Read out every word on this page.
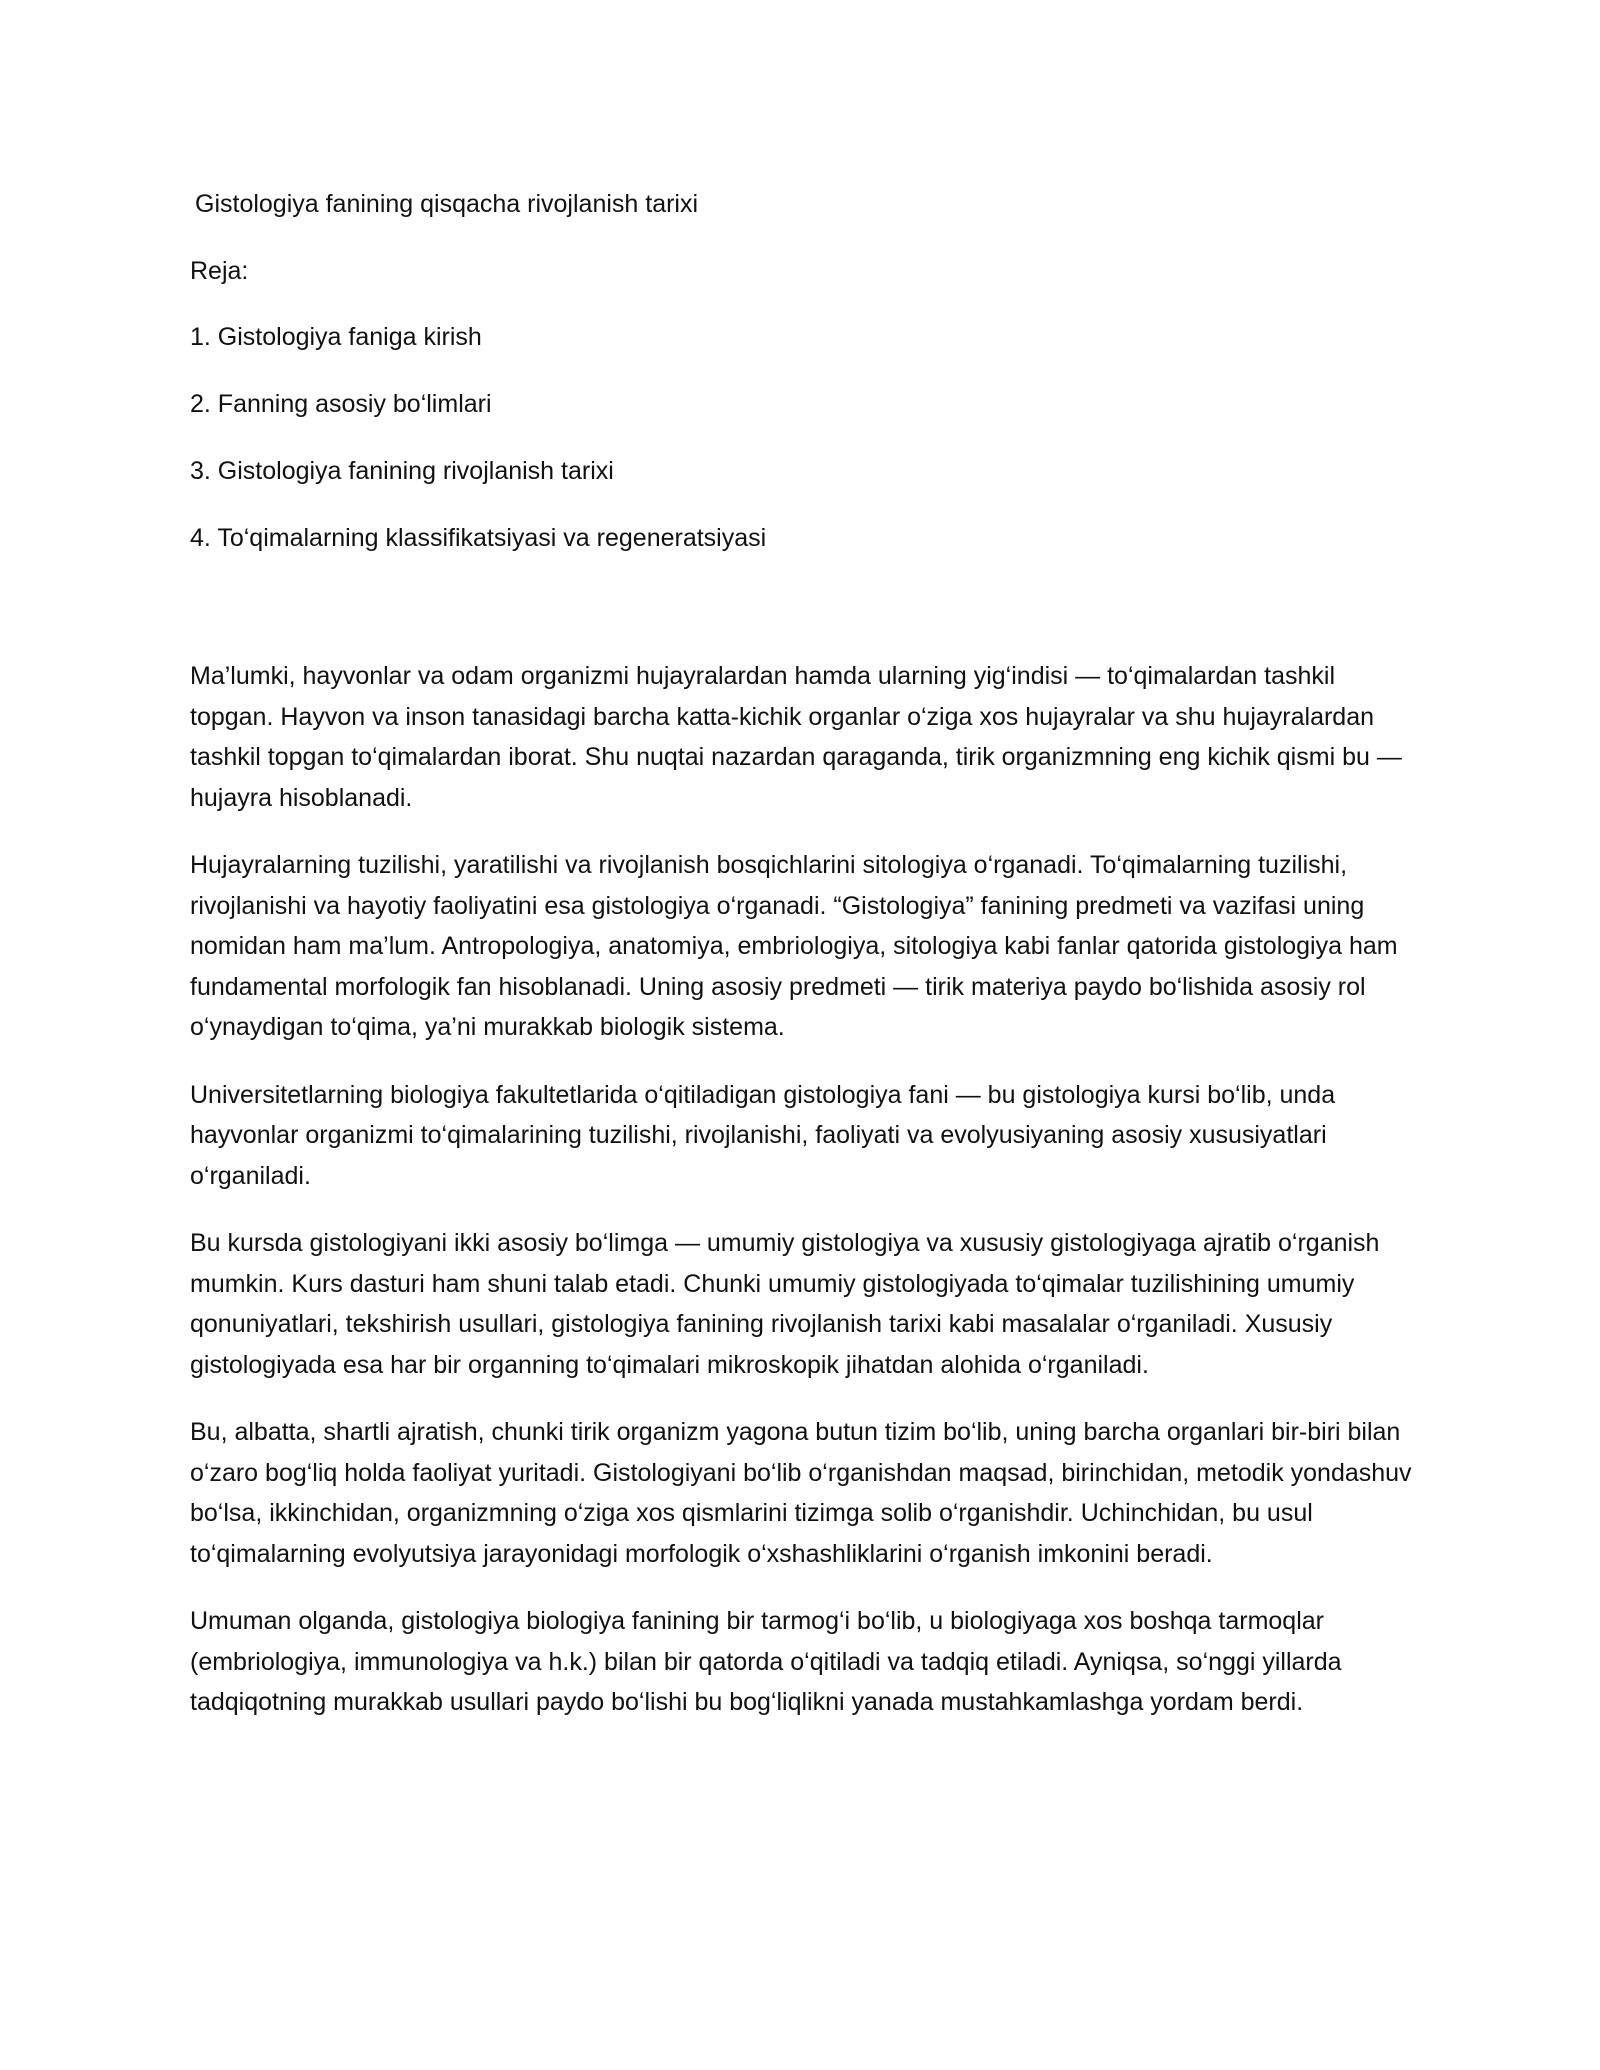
Gistologiya fanining qisqacha rivojlanish tarixi

Reja:

1. Gistologiya faniga kirish
2. Fanning asosiy bo‘limlari
3. Gistologiya fanining rivojlanish tarixi
4. To‘qimalarning klassifikatsiyasi va regeneratsiyasi

Ma’lumki, hayvonlar va odam organizmi hujayralardan hamda ularning yig‘indisi — to‘qimalardan tashkil topgan. Hayvon va inson tanasidagi barcha katta-kichik organlar o‘ziga xos hujayralar va shu hujayralardan tashkil topgan to‘qimalardan iborat. Shu nuqtai nazardan qaraganda, tirik organizmning eng kichik qismi bu — hujayra hisoblanadi.

Hujayralarning tuzilishi, yaratilishi va rivojlanish bosqichlarini sitologiya o‘rganadi. To‘qimalarning tuzilishi, rivojlanishi va hayotiy faoliyatini esa gistologiya o‘rganadi. “Gistologiya” fanining predmeti va vazifasi uning nomidan ham ma’lum. Antropologiya, anatomiya, embriologiya, sitologiya kabi fanlar qatorida gistologiya ham fundamental morfologik fan hisoblanadi. Uning asosiy predmeti — tirik materiya paydo bo‘lishida asosiy rol o‘ynaydigan to‘qima, ya’ni murakkab biologik sistema.

Universitetlarning biologiya fakultetlarida o‘qitiladigan gistologiya fani — bu gistologiya kursi bo‘lib, unda hayvonlar organizmi to‘qimalarining tuzilishi, rivojlanishi, faoliyati va evolyusiyaning asosiy xususiyatlari o‘rganiladi.

Bu kursda gistologiyani ikki asosiy bo‘limga — umumiy gistologiya va xususiy gistologiyaga ajratib o‘rganish mumkin. Kurs dasturi ham shuni talab etadi. Chunki umumiy gistologiyada to‘qimalar tuzilishining umumiy qonuniyatlari, tekshirish usullari, gistologiya fanining rivojlanish tarixi kabi masalalar o‘rganiladi. Xususiy gistologiyada esa har bir organning to‘qimalari mikroskopik jihatdan alohida o‘rganiladi.

Bu, albatta, shartli ajratish, chunki tirik organizm yagona butun tizim bo‘lib, uning barcha organlari bir-biri bilan o‘zaro bog‘liq holda faoliyat yuritadi. Gistologiyani bo‘lib o‘rganishdan maqsad, birinchidan, metodik yondashuv bo‘lsa, ikkinchidan, organizmning o‘ziga xos qismlarini tizimga solib o‘rganishdir. Uchinchidan, bu usul to‘qimalarning evolyutsiya jarayonidagi morfologik o‘xshashliklarini o‘rganish imkonini beradi.

Umuman olganda, gistologiya biologiya fanining bir tarmog‘i bo‘lib, u biologiyaga xos boshqa tarmoqlar (embriologiya, immunologiya va h.k.) bilan bir qatorda o‘qitiladi va tadqiq etiladi. Ayniqsa, so‘nggi yillarda tadqiqotning murakkab usullari paydo bo‘lishi bu bog‘liqlikni yanada mustahkamlashga yordam berdi.
